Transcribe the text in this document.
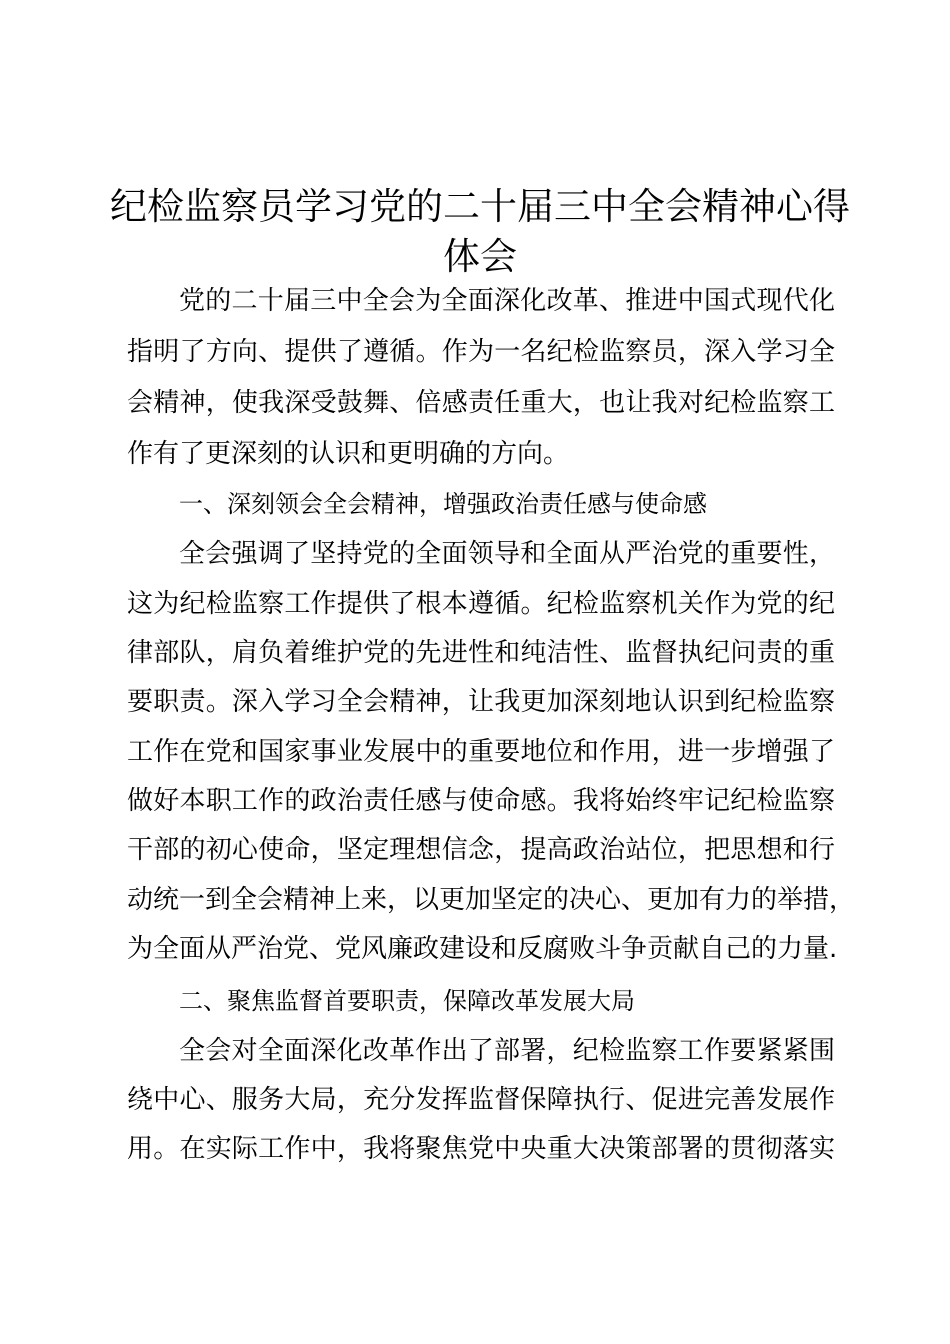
纪检监察员学习党的二十届三中全会精神心得
体会

党的二十届三中全会为全面深化改革、推进中国式现代化

指明了方向、提供了遵循。作为一名纪检监察员，深入学习全

会精神，使我深受鼓舞、倍感责任重大，也让我对纪检监察工

作有了更深刻的认识和更明确的方向。

一、深刻领会全会精神，增强政治责任感与使命感

全会强调了坚持党的全面领导和全面从严治党的重要性，

这为纪检监察工作提供了根本遵循。纪检监察机关作为党的纪

律部队，肩负着维护党的先进性和纯洁性、监督执纪问责的重

要职责。深入学习全会精神，让我更加深刻地认识到纪检监察

工作在党和国家事业发展中的重要地位和作用，进一步增强了

做好本职工作的政治责任感与使命感。我将始终牢记纪检监察

干部的初心使命，坚定理想信念，提高政治站位，把思想和行

动统一到全会精神上来，以更加坚定的决心、更加有力的举措，

为全面从严治党、党风廉政建设和反腐败斗争贡献自己的力量.

二、聚焦监督首要职责，保障改革发展大局

全会对全面深化改革作出了部署，纪检监察工作要紧紧围

绕中心、服务大局，充分发挥监督保障执行、促进完善发展作

用。在实际工作中，我将聚焦党中央重大决策部署的贯彻落实
